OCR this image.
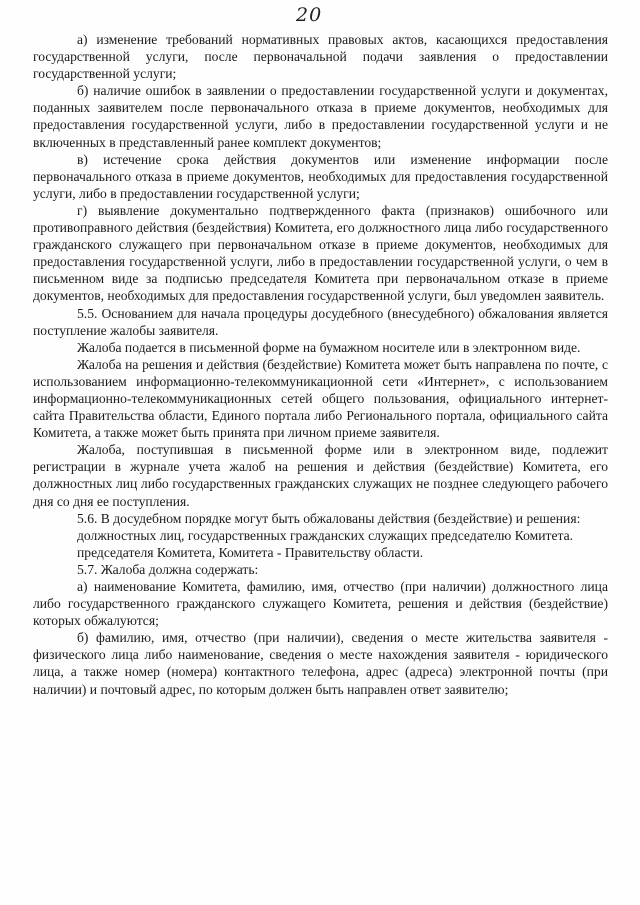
20

а) изменение требований нормативных правовых актов, касающихся предоставления государственной услуги, после первоначальной подачи заявления о предоставлении государственной услуги;

б) наличие ошибок в заявлении о предоставлении государственной услуги и документах, поданных заявителем после первоначального отказа в приеме документов, необходимых для предоставления государственной услуги, либо в предоставлении государственной услуги и не включенных в представленный ранее комплект документов;

в) истечение срока действия документов или изменение информации после первоначального отказа в приеме документов, необходимых для предоставления государственной услуги, либо в предоставлении государственной услуги;

г) выявление документально подтвержденного факта (признаков) ошибочного или противоправного действия (бездействия) Комитета, его должностного лица либо государственного гражданского служащего при первоначальном отказе в приеме документов, необходимых для предоставления государственной услуги, либо в предоставлении государственной услуги, о чем в письменном виде за подписью председателя Комитета при первоначальном отказе в приеме документов, необходимых для предоставления государственной услуги, был уведомлен заявитель.

5.5. Основанием для начала процедуры досудебного (внесудебного) обжалования является поступление жалобы заявителя.

Жалоба подается в письменной форме на бумажном носителе или в электронном виде.

Жалоба на решения и действия (бездействие) Комитета может быть направлена по почте, с использованием информационно-телекоммуникационной сети «Интернет», с использованием информационно-телекоммуникационных сетей общего пользования, официального интернет-сайта Правительства области, Единого портала либо Регионального портала, официального сайта Комитета, а также может быть принята при личном приеме заявителя.

Жалоба, поступившая в письменной форме или в электронном виде, подлежит регистрации в журнале учета жалоб на решения и действия (бездействие) Комитета, его должностных лиц либо государственных гражданских служащих не позднее следующего рабочего дня со дня ее поступления.

5.6. В досудебном порядке могут быть обжалованы действия (бездействие) и решения:

должностных лиц, государственных гражданских служащих председателю Комитета.

председателя Комитета, Комитета - Правительству области.

5.7. Жалоба должна содержать:

а) наименование Комитета, фамилию, имя, отчество (при наличии) должностного лица либо государственного гражданского служащего Комитета, решения и действия (бездействие) которых обжалуются;

б) фамилию, имя, отчество (при наличии), сведения о месте жительства заявителя - физического лица либо наименование, сведения о месте нахождения заявителя - юридического лица, а также номер (номера) контактного телефона, адрес (адреса) электронной почты (при наличии) и почтовый адрес, по которым должен быть направлен ответ заявителю;
